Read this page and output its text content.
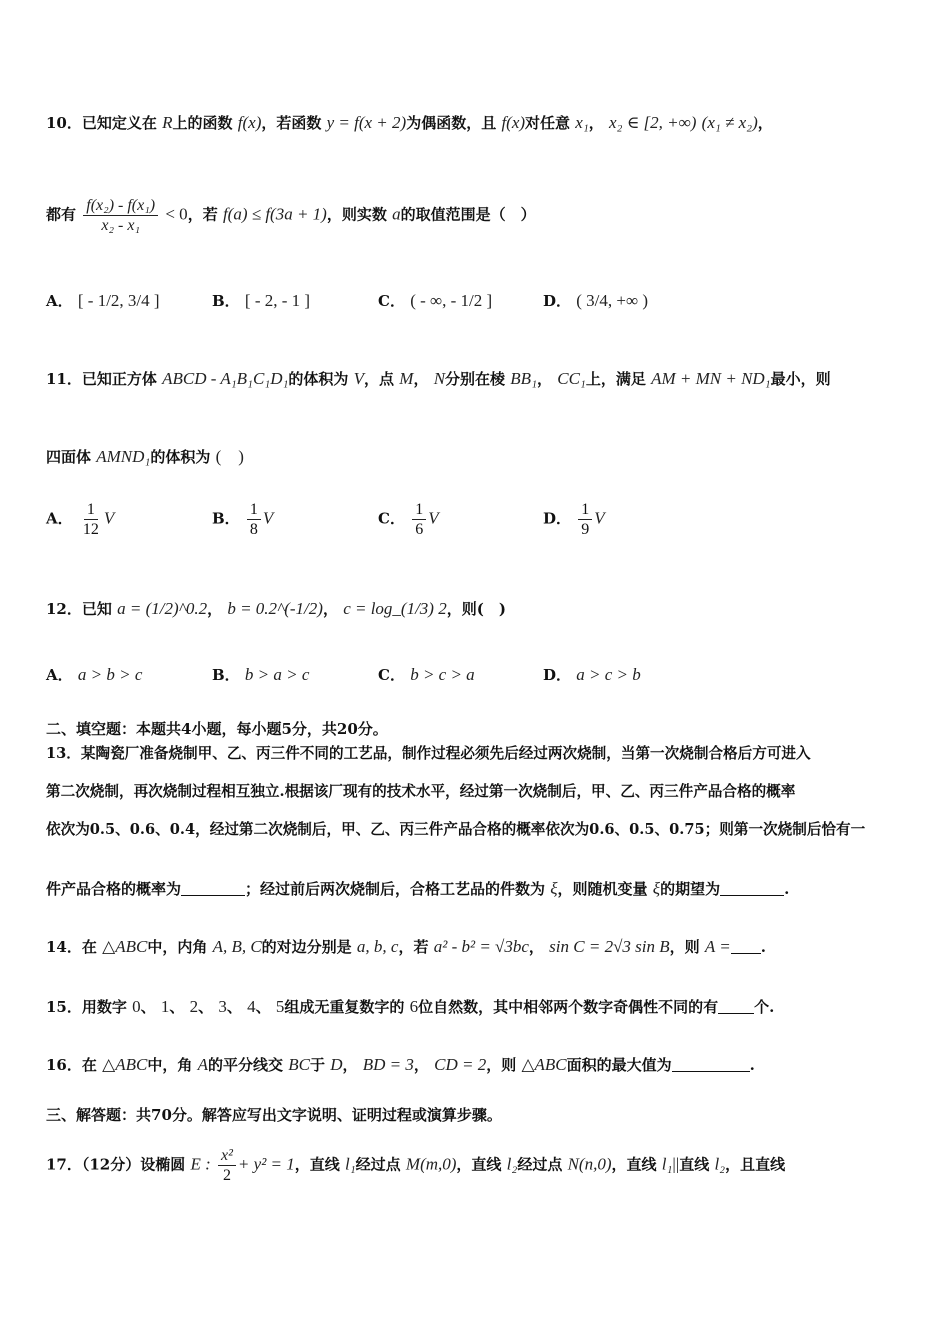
10．已知定义在 R上的函数 f(x)，若函数 y = f(x + 2)为偶函数，且 f(x)对任意 x₁， x₂ ∈ [2, +∞) (x₁ ≠ x₂)，
都有 $\frac{\text{f(x₂) - f(x₁)}}{\text{x₂ - x₁}} < 0$，若 f(a) ≤ f(3a + 1)，则实数 a的取值范围是（　）
A． [ - 1/2, 3/4 ]	B． [ - 2, - 1 ]	C． ( - ∞, - 1/2 ]	D． ( 3/4, +∞ )
11．已知正方体 ABCD - A₁B₁C₁D₁的体积为 V，点 M， N分别在棱 BB₁， CC₁上，满足 AM + MN + ND₁最小，则
四面体 AMND₁的体积为 (　)
A． $\frac{1}{12}$ V	B． $\frac{1}{8}$ V	C． $\frac{1}{6}$ V	D． $\frac{1}{9}$ V
12．已知 a = (1/2)^0.2， b = 0.2^(-1/2)， c = log_(1/3) 2，则(　)
A． a > b > c	B． b > a > c	C． b > c > a	D． a > c > b
二、填空题：本题共4小题，每小题5分，共20分。
13．某陶瓷厂准备烧制甲、乙、丙三件不同的工艺品，制作过程必须先后经过两次烧制，当第一次烧制合格后方可进入
第二次烧制，再次烧制过程相互独立.根据该厂现有的技术水平，经过第一次烧制后，甲、乙、丙三件产品合格的概率
依次为0.5、0.6、0.4，经过第二次烧制后，甲、乙、丙三件产品合格的概率依次为0.6、0.5、0.75；则第一次烧制后恰有一
件产品合格的概率为	；经过前后两次烧制后，合格工艺品的件数为 ξ，则随机变量 ξ的期望为	.
14．在 △ABC中，内角 A, B, C的对边分别是 a, b, c，若 a² - b² = √3bc， sin C = 2√3 sin B，则 A = .
15．用数字 0、 1、 2、 3、 4、 5组成无重复数字的 6位自然数，其中相邻两个数字奇偶性不同的有 个.
16．在 △ABC中，角 A的平分线交 BC于 D， BD = 3， CD = 2，则 △ABC面积的最大值为	.
三、解答题：共70分。解答应写出文字说明、证明过程或演算步骤。
17．（12分）设椭圆 E : $\frac{\text{x²}}{2} + y^2 = 1$，直线 l₁经过点 M(m,0)，直线 l₂经过点 N(n,0)，直线 l₁||直线 l₂，且直线
